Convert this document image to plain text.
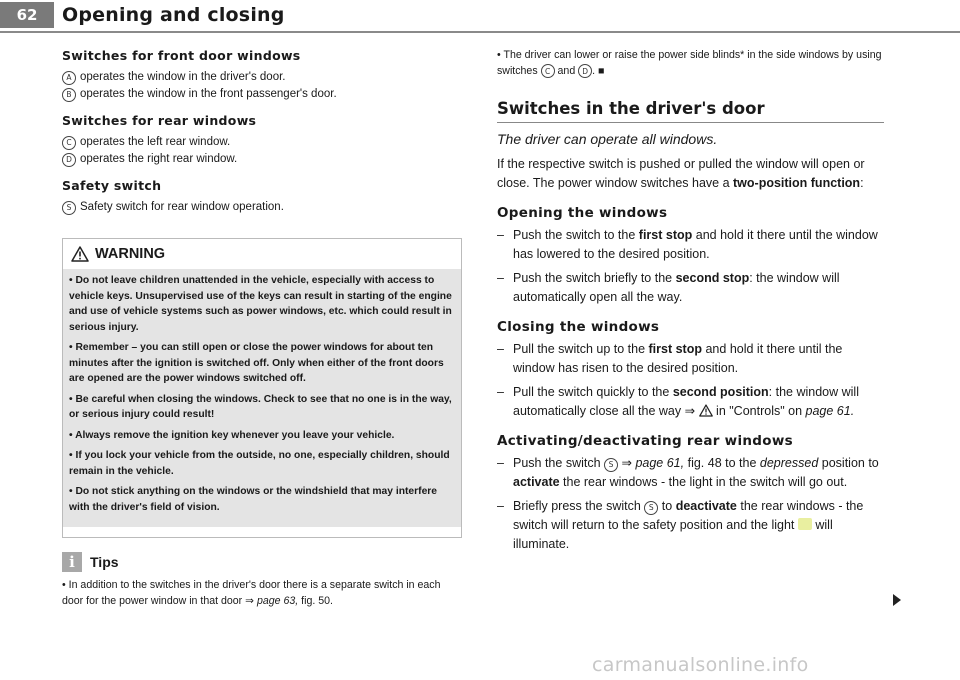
62	Opening and closing
Switches for front door windows
A operates the window in the driver's door.
B operates the window in the front passenger's door.
Switches for rear windows
C operates the left rear window.
D operates the right rear window.
Safety switch
S Safety switch for rear window operation.
WARNING

• Do not leave children unattended in the vehicle, especially with access to vehicle keys. Unsupervised use of the keys can result in starting of the engine and use of vehicle systems such as power windows, etc. which could result in serious injury.

• Remember – you can still open or close the power windows for about ten minutes after the ignition is switched off. Only when either of the front doors are opened are the power windows switched off.

• Be careful when closing the windows. Check to see that no one is in the way, or serious injury could result!

• Always remove the ignition key whenever you leave your vehicle.

• If you lock your vehicle from the outside, no one, especially children, should remain in the vehicle.

• Do not stick anything on the windows or the windshield that may interfere with the driver's field of vision.

i	Tips
• In addition to the switches in the driver's door there is a separate switch in each door for the power window in that door ⇒ page 63, fig. 50.
• The driver can lower or raise the power side blinds* in the side windows by using switches C and D . ■
Switches in the driver's door
The driver can operate all windows.
If the respective switch is pushed or pulled the window will open or close. The power window switches have a two-position function:
Opening the windows
– Push the switch to the first stop and hold it there until the window has lowered to the desired position.
– Push the switch briefly to the second stop: the window will automatically open all the way.
Closing the windows
– Pull the switch up to the first stop and hold it there until the window has risen to the desired position.
– Pull the switch quickly to the second position: the window will automatically close all the way ⇒  in "Controls" on page 61.
Activating/deactivating rear windows
– Push the switch S ⇒ page 61, fig. 48 to the depressed position to activate the rear windows - the light in the switch will go out.
– Briefly press the switch S to deactivate the rear windows - the switch will return to the safety position and the light will illuminate.
carmanualsonline.info
